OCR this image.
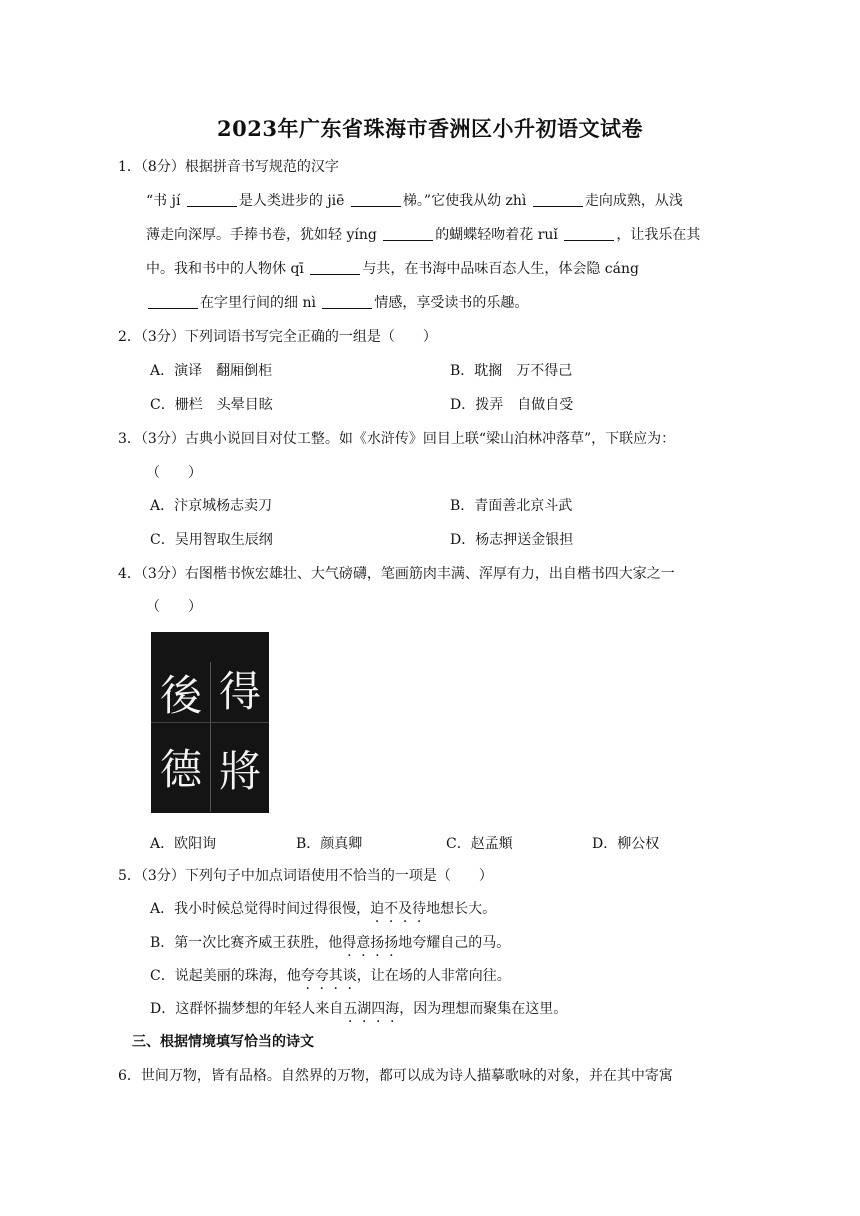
2023年广东省珠海市香洲区小升初语文试卷
1．（8分）根据拼音书写规范的汉字
“书 jí	是人类进步的 jiē	梯。”它使我从幼 zhì	走向成熟，从浅
薄走向深厚。手捧书卷，犹如轻 yíng	的蝴蝶轻吻着花 ruǐ	，让我乐在其
中。我和书中的人物休 qī	与共，在书海中品味百态人生，体会隐 cáng
在字里行间的细 nì	情感，享受读书的乐趣。
2．（3分）下列词语书写完全正确的一组是（　　）
A．演译　翻厢倒柜	B．耽搁　万不得己
C．栅栏　头晕目眩	D．拨弄　自做自受
3．（3分）古典小说回目对仗工整。如《水浒传》回目上联“梁山泊林冲落草”，下联应为：
（　　）
A．汴京城杨志卖刀	B．青面善北京斗武
C．吴用智取生辰纲	D．杨志押送金银担
4．（3分）右图楷书恢宏雄壮、大气磅礴，笔画筋肉丰满、浑厚有力，出自楷书四大家之一
（　　）
後 得
德 將
A．欧阳询	B．颜真卿	C．赵孟頫	D．柳公权
5．（3分）下列句子中加点词语使用不恰当的一项是（　　）
A．我小时候总觉得时间过得很慢，迫不及待地想长大。
B．第一次比赛齐威王获胜，他得意扬扬地夸耀自己的马。
C．说起美丽的珠海，他夸夸其谈，让在场的人非常向往。
D．这群怀揣梦想的年轻人来自五湖四海，因为理想而聚集在这里。
三、根据情境填写恰当的诗文
6．世间万物，皆有品格。自然界的万物，都可以成为诗人描摹歌咏的对象，并在其中寄寓
